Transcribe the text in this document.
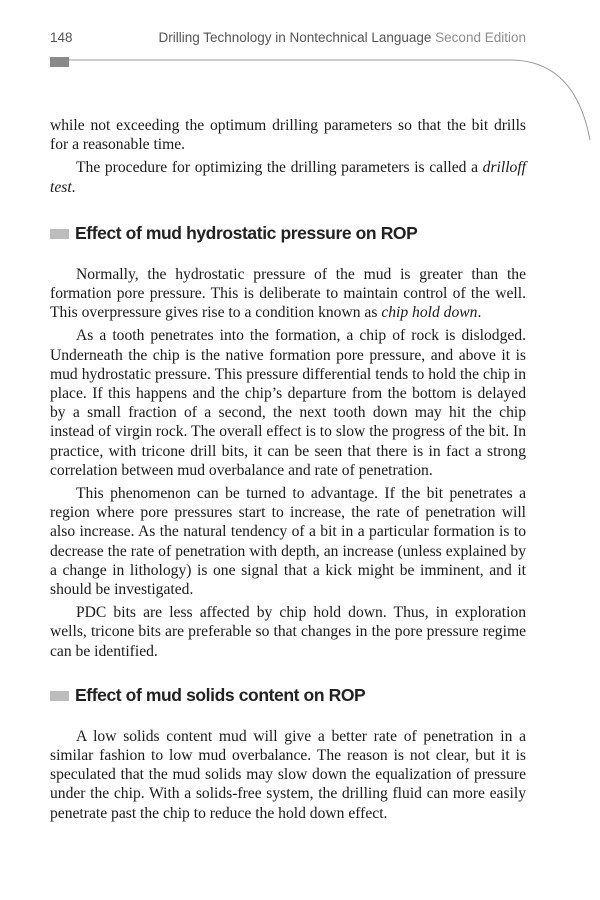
148	Drilling Technology in Nontechnical Language Second Edition

while not exceeding the optimum drilling parameters so that the bit drills for a reasonable time.

The procedure for optimizing the drilling parameters is called a drilloff test.

Effect of mud hydrostatic pressure on ROP

Normally, the hydrostatic pressure of the mud is greater than the formation pore pressure. This is deliberate to maintain control of the well. This overpressure gives rise to a condition known as chip hold down.

As a tooth penetrates into the formation, a chip of rock is dislodged. Underneath the chip is the native formation pore pressure, and above it is mud hydrostatic pressure. This pressure differential tends to hold the chip in place. If this happens and the chip’s departure from the bottom is delayed by a small fraction of a second, the next tooth down may hit the chip instead of virgin rock. The overall effect is to slow the progress of the bit. In practice, with tricone drill bits, it can be seen that there is in fact a strong correlation between mud overbalance and rate of penetration.

This phenomenon can be turned to advantage. If the bit penetrates a region where pore pressures start to increase, the rate of penetration will also increase. As the natural tendency of a bit in a particular formation is to decrease the rate of penetration with depth, an increase (unless explained by a change in lithology) is one signal that a kick might be imminent, and it should be investigated.

PDC bits are less affected by chip hold down. Thus, in exploration wells, tricone bits are preferable so that changes in the pore pressure regime can be identified.

Effect of mud solids content on ROP

A low solids content mud will give a better rate of penetration in a similar fashion to low mud overbalance. The reason is not clear, but it is speculated that the mud solids may slow down the equalization of pressure under the chip. With a solids-free system, the drilling fluid can more easily penetrate past the chip to reduce the hold down effect.
